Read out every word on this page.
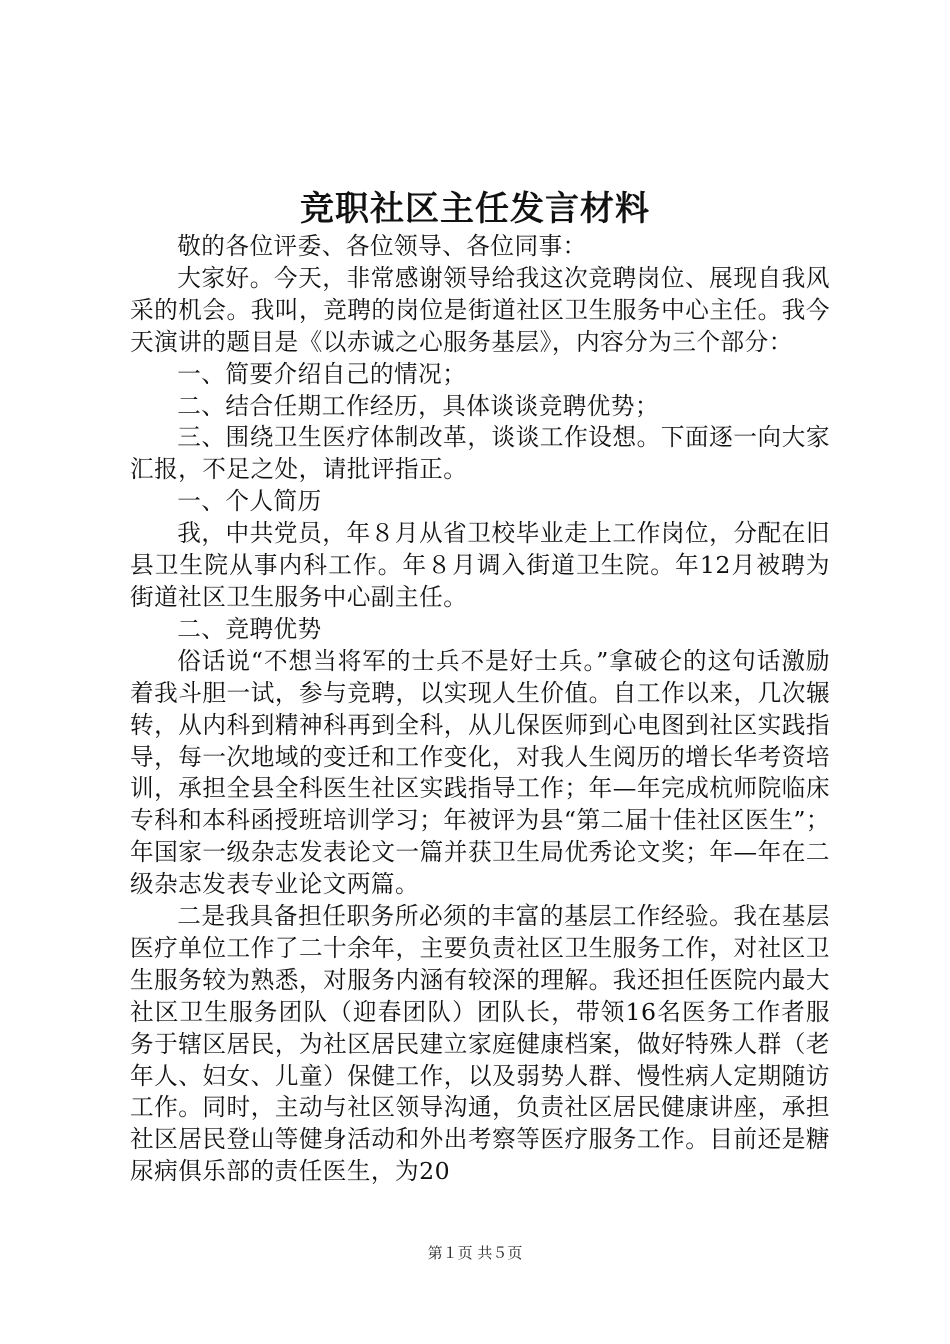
竞职社区主任发言材料

敬的各位评委、各位领导、各位同事：

大家好。今天，非常感谢领导给我这次竞聘岗位、展现自我风采的机会。我叫，竞聘的岗位是街道社区卫生服务中心主任。我今天演讲的题目是《以赤诚之心服务基层》，内容分为三个部分：

一、简要介绍自己的情况；

二、结合任期工作经历，具体谈谈竞聘优势；

三、围绕卫生医疗体制改革，谈谈工作设想。下面逐一向大家汇报，不足之处，请批评指正。

一、个人简历

我，中共党员，年８月从省卫校毕业走上工作岗位，分配在旧县卫生院从事内科工作。年８月调入街道卫生院。年12月被聘为街道社区卫生服务中心副主任。

二、竞聘优势

俗话说“不想当将军的士兵不是好士兵。”拿破仑的这句话激励着我斗胆一试，参与竞聘，以实现人生价值。自工作以来，几次辗转，从内科到精神科再到全科，从儿保医师到心电图到社区实践指导，每一次地域的变迁和工作变化，对我人生阅历的增长华考资培训，承担全县全科医生社区实践指导工作；年—年完成杭师院临床专科和本科函授班培训学习；年被评为县“第二届十佳社区医生”；年国家一级杂志发表论文一篇并获卫生局优秀论文奖；年—年在二级杂志发表专业论文两篇。

二是我具备担任职务所必须的丰富的基层工作经验。我在基层医疗单位工作了二十余年，主要负责社区卫生服务工作，对社区卫生服务较为熟悉，对服务内涵有较深的理解。我还担任医院内最大社区卫生服务团队（迎春团队）团队长，带领16名医务工作者服务于辖区居民，为社区居民建立家庭健康档案，做好特殊人群（老年人、妇女、儿童）保健工作，以及弱势人群、慢性病人定期随访工作。同时，主动与社区领导沟通，负责社区居民健康讲座，承担社区居民登山等健身活动和外出考察等医疗服务工作。目前还是糖尿病俱乐部的责任医生，为20

第１页 共５页
